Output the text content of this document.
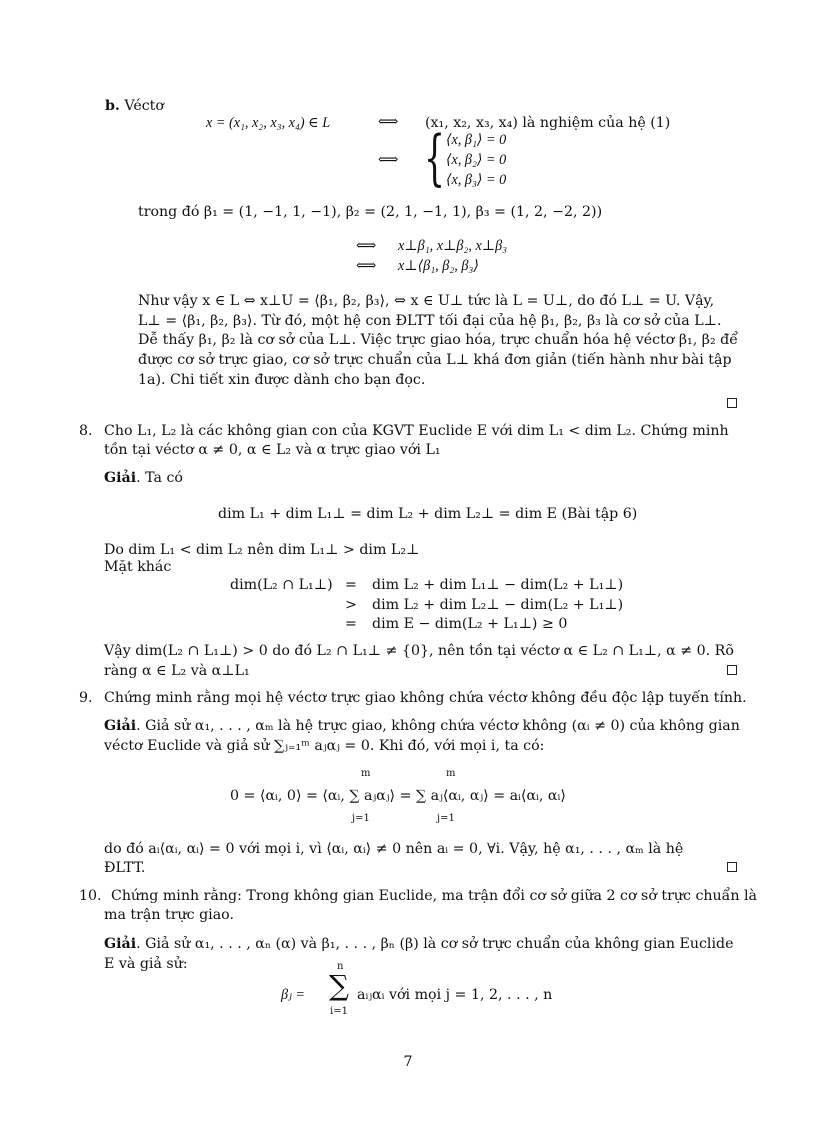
b. Véctơ
x = (x₁, x₂, x₃, x₄) ∈ L	⟺ (x₁, x₂, x₃, x₄) là nghiệm của hệ (1)
⟺ { ⟨x, β₁⟩ = 0
⟨x, β₂⟩ = 0
⟨x, β₃⟩ = 0
trong đó β₁ = (1, −1, 1, −1), β₂ = (2, 1, −1, 1), β₃ = (1, 2, −2, 2))
⟺ x⊥β₁, x⊥β₂, x⊥β₃
⟺ x⊥⟨β₁, β₂, β₃⟩
Như vậy x ∈ L ⇔ x⊥U = ⟨β₁, β₂, β₃⟩, ⇔ x ∈ U⊥ tức là L = U⊥, do đó L⊥ = U. Vậy,
L⊥ = ⟨β₁, β₂, β₃⟩. Từ đó, một hệ con ĐLTT tối đại của hệ β₁, β₂, β₃ là cơ sở của L⊥.
Dễ thấy β₁, β₂ là cơ sở của L⊥. Việc trực giao hóa, trực chuẩn hóa hệ véctơ β₁, β₂ để
được cơ sở trực giao, cơ sở trực chuẩn của L⊥ khá đơn giản (tiến hành như bài tập
1a). Chi tiết xin được dành cho bạn đọc.
8. Cho L₁, L₂ là các không gian con của KGVT Euclide E với dim L₁ < dim L₂. Chứng minh
tồn tại véctơ α ≠ 0, α ∈ L₂ và α trực giao với L₁
Giải. Ta có
dim L₁ + dim L₁⊥ = dim L₂ + dim L₂⊥ = dim E (Bài tập 6)
Do dim L₁ < dim L₂ nên dim L₁⊥ > dim L₂⊥
Mặt khác
dim(L₂ ∩ L₁⊥) = dim L₂ + dim L₁⊥ − dim(L₂ + L₁⊥)
> dim L₂ + dim L₂⊥ − dim(L₂ + L₁⊥)
= dim E − dim(L₂ + L₁⊥) ≥ 0
Vậy dim(L₂ ∩ L₁⊥) > 0 do đó L₂ ∩ L₁⊥ ≠ {0}, nên tồn tại véctơ α ∈ L₂ ∩ L₁⊥, α ≠ 0. Rõ
ràng α ∈ L₂ và α⊥L₁
9. Chứng minh rằng mọi hệ véctơ trực giao không chứa véctơ không đều độc lập tuyến tính.
Giải. Giả sử α₁, . . . , αₘ là hệ trực giao, không chứa véctơ không (αᵢ ≠ 0) của không gian
véctơ Euclide và giả sử ∑ⱼ₌₁ᵐ aⱼαⱼ = 0. Khi đó, với mọi i, ta có:
0 = ⟨αᵢ, 0⟩ = ⟨αᵢ, ∑ aⱼαⱼ⟩ = ∑ aⱼ⟨αᵢ, αⱼ⟩ = aᵢ⟨αᵢ, αᵢ⟩
m
j=1
m
j=1
do đó aᵢ⟨αᵢ, αᵢ⟩ = 0 với mọi i, vì ⟨αᵢ, αᵢ⟩ ≠ 0 nên aᵢ = 0, ∀i. Vậy, hệ α₁, . . . , αₘ là hệ
ĐLTT.
10. Chứng minh rằng: Trong không gian Euclide, ma trận đổi cơ sở giữa 2 cơ sở trực chuẩn là
ma trận trực giao.
Giải. Giả sử α₁, . . . , αₙ (α) và β₁, . . . , βₙ (β) là cơ sở trực chuẩn của không gian Euclide
E và giả sử:
βⱼ = ∑
n
i=1
aᵢⱼαᵢ với mọi j = 1, 2, . . . , n
7
